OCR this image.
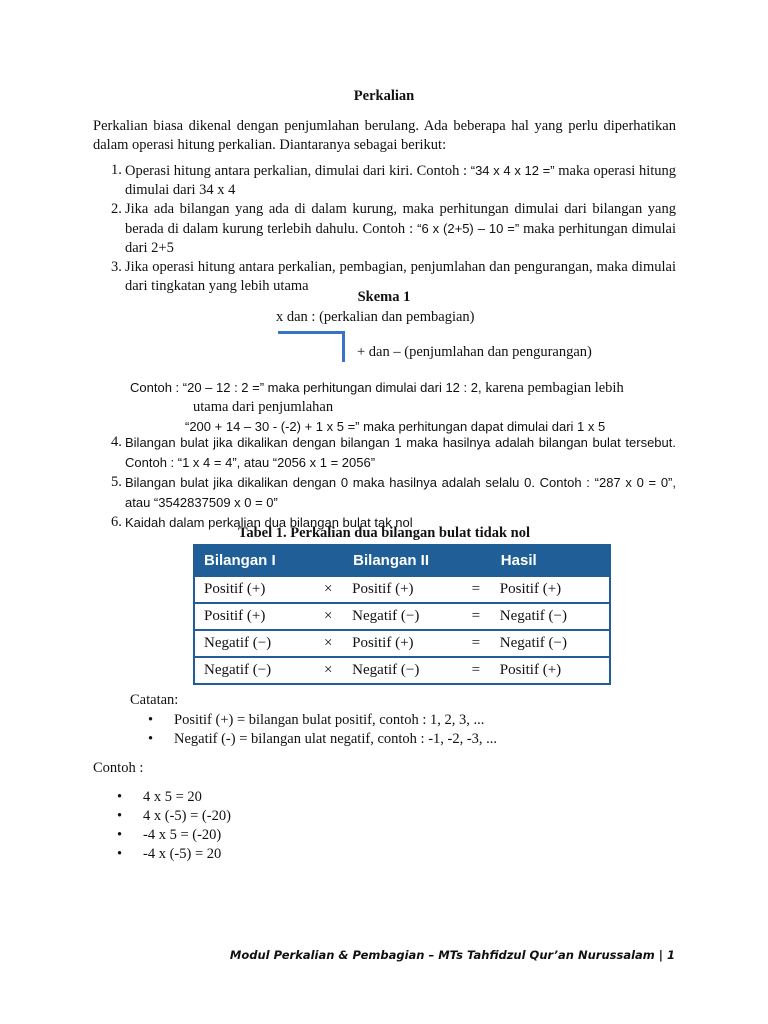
Perkalian
Perkalian biasa dikenal dengan penjumlahan berulang. Ada beberapa hal yang perlu diperhatikan dalam operasi hitung perkalian. Diantaranya sebagai berikut:
1. Operasi hitung antara perkalian, dimulai dari kiri. Contoh : “34 x 4 x 12 =” maka operasi hitung dimulai dari 34 x 4
2. Jika ada bilangan yang ada di dalam kurung, maka perhitungan dimulai dari bilangan yang berada di dalam kurung terlebih dahulu. Contoh : “6 x (2+5) – 10 =” maka perhitungan dimulai dari 2+5
3. Jika operasi hitung antara perkalian, pembagian, penjumlahan dan pengurangan, maka dimulai dari tingkatan yang lebih utama
Skema 1
x dan : (perkalian dan pembagian)
+ dan – (penjumlahan dan pengurangan)
Contoh : “20 – 12 : 2 =” maka perhitungan dimulai dari 12 : 2, karena pembagian lebih
utama dari penjumlahan
“200 + 14 – 30 - (-2) + 1 x 5 =” maka perhitungan dapat dimulai dari 1 x 5
4. Bilangan bulat jika dikalikan dengan bilangan 1 maka hasilnya adalah bilangan bulat tersebut. Contoh : “1 x 4 = 4”, atau “2056 x 1 = 2056”
5. Bilangan bulat jika dikalikan dengan 0 maka hasilnya adalah selalu 0. Contoh : “287 x 0 = 0”, atau “3542837509 x 0 = 0”
6. Kaidah dalam perkalian dua bilangan bulat tak nol
Tabel 1. Perkalian dua bilangan bulat tidak nol
Bilangan I		Bilangan II		Hasil
Positif (+)	×	Positif (+)	=	Positif (+)
Positif (+)	×	Negatif (−)	=	Negatif (−)
Negatif (−)	×	Positif (+)	=	Negatif (−)
Negatif (−)	×	Negatif (−)	=	Positif (+)
Catatan:
• Positif (+) = bilangan bulat positif, contoh : 1, 2, 3, ...
• Negatif (-) = bilangan ulat negatif, contoh : -1, -2, -3, ...
Contoh :
• 4 x 5 = 20
• 4 x (-5) = (-20)
• -4 x 5 = (-20)
• -4 x (-5) = 20
Modul Perkalian & Pembagian – MTs Tahfidzul Qur’an Nurussalam | 1
